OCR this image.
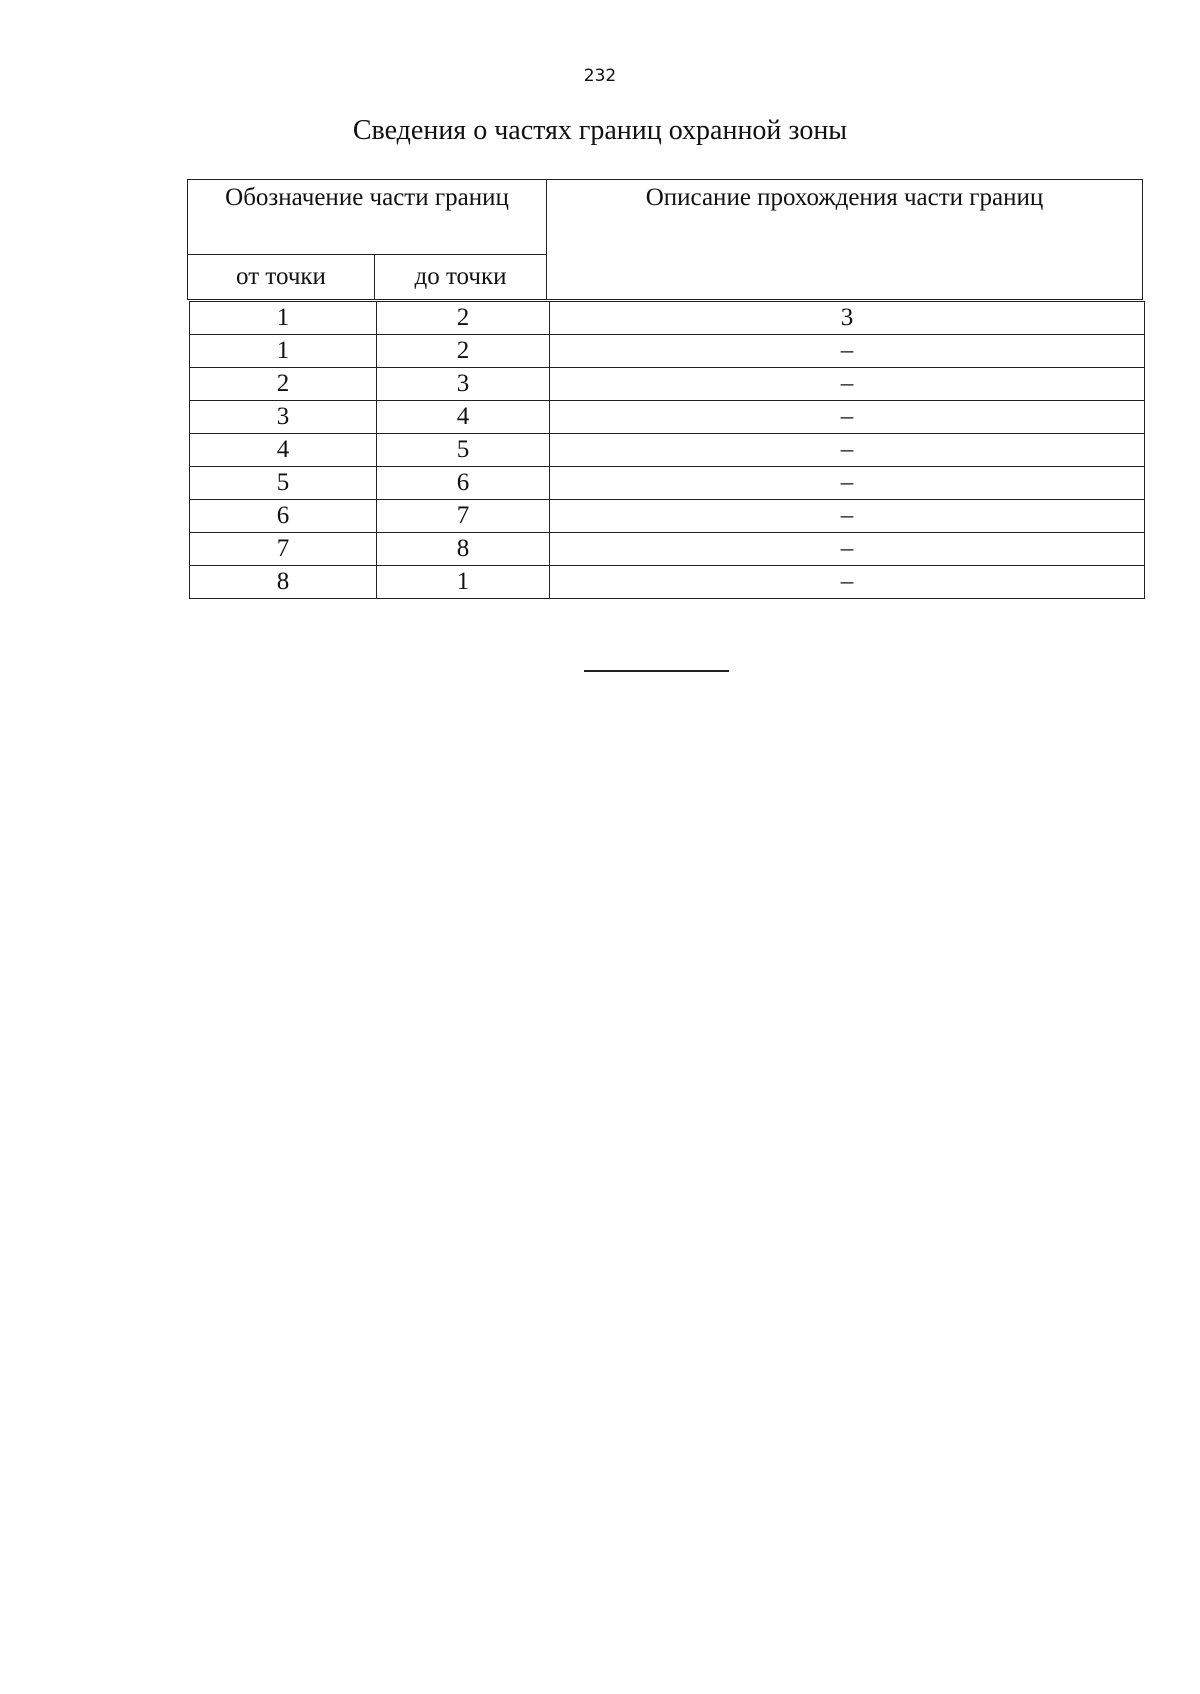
232
Сведения о частях границ охранной зоны
Обозначение части границ		Описание прохождения части границ
от точки	до точки	
1	2	3
1	2	–
2	3	–
3	4	–
4	5	–
5	6	–
6	7	–
7	8	–
8	1	–
